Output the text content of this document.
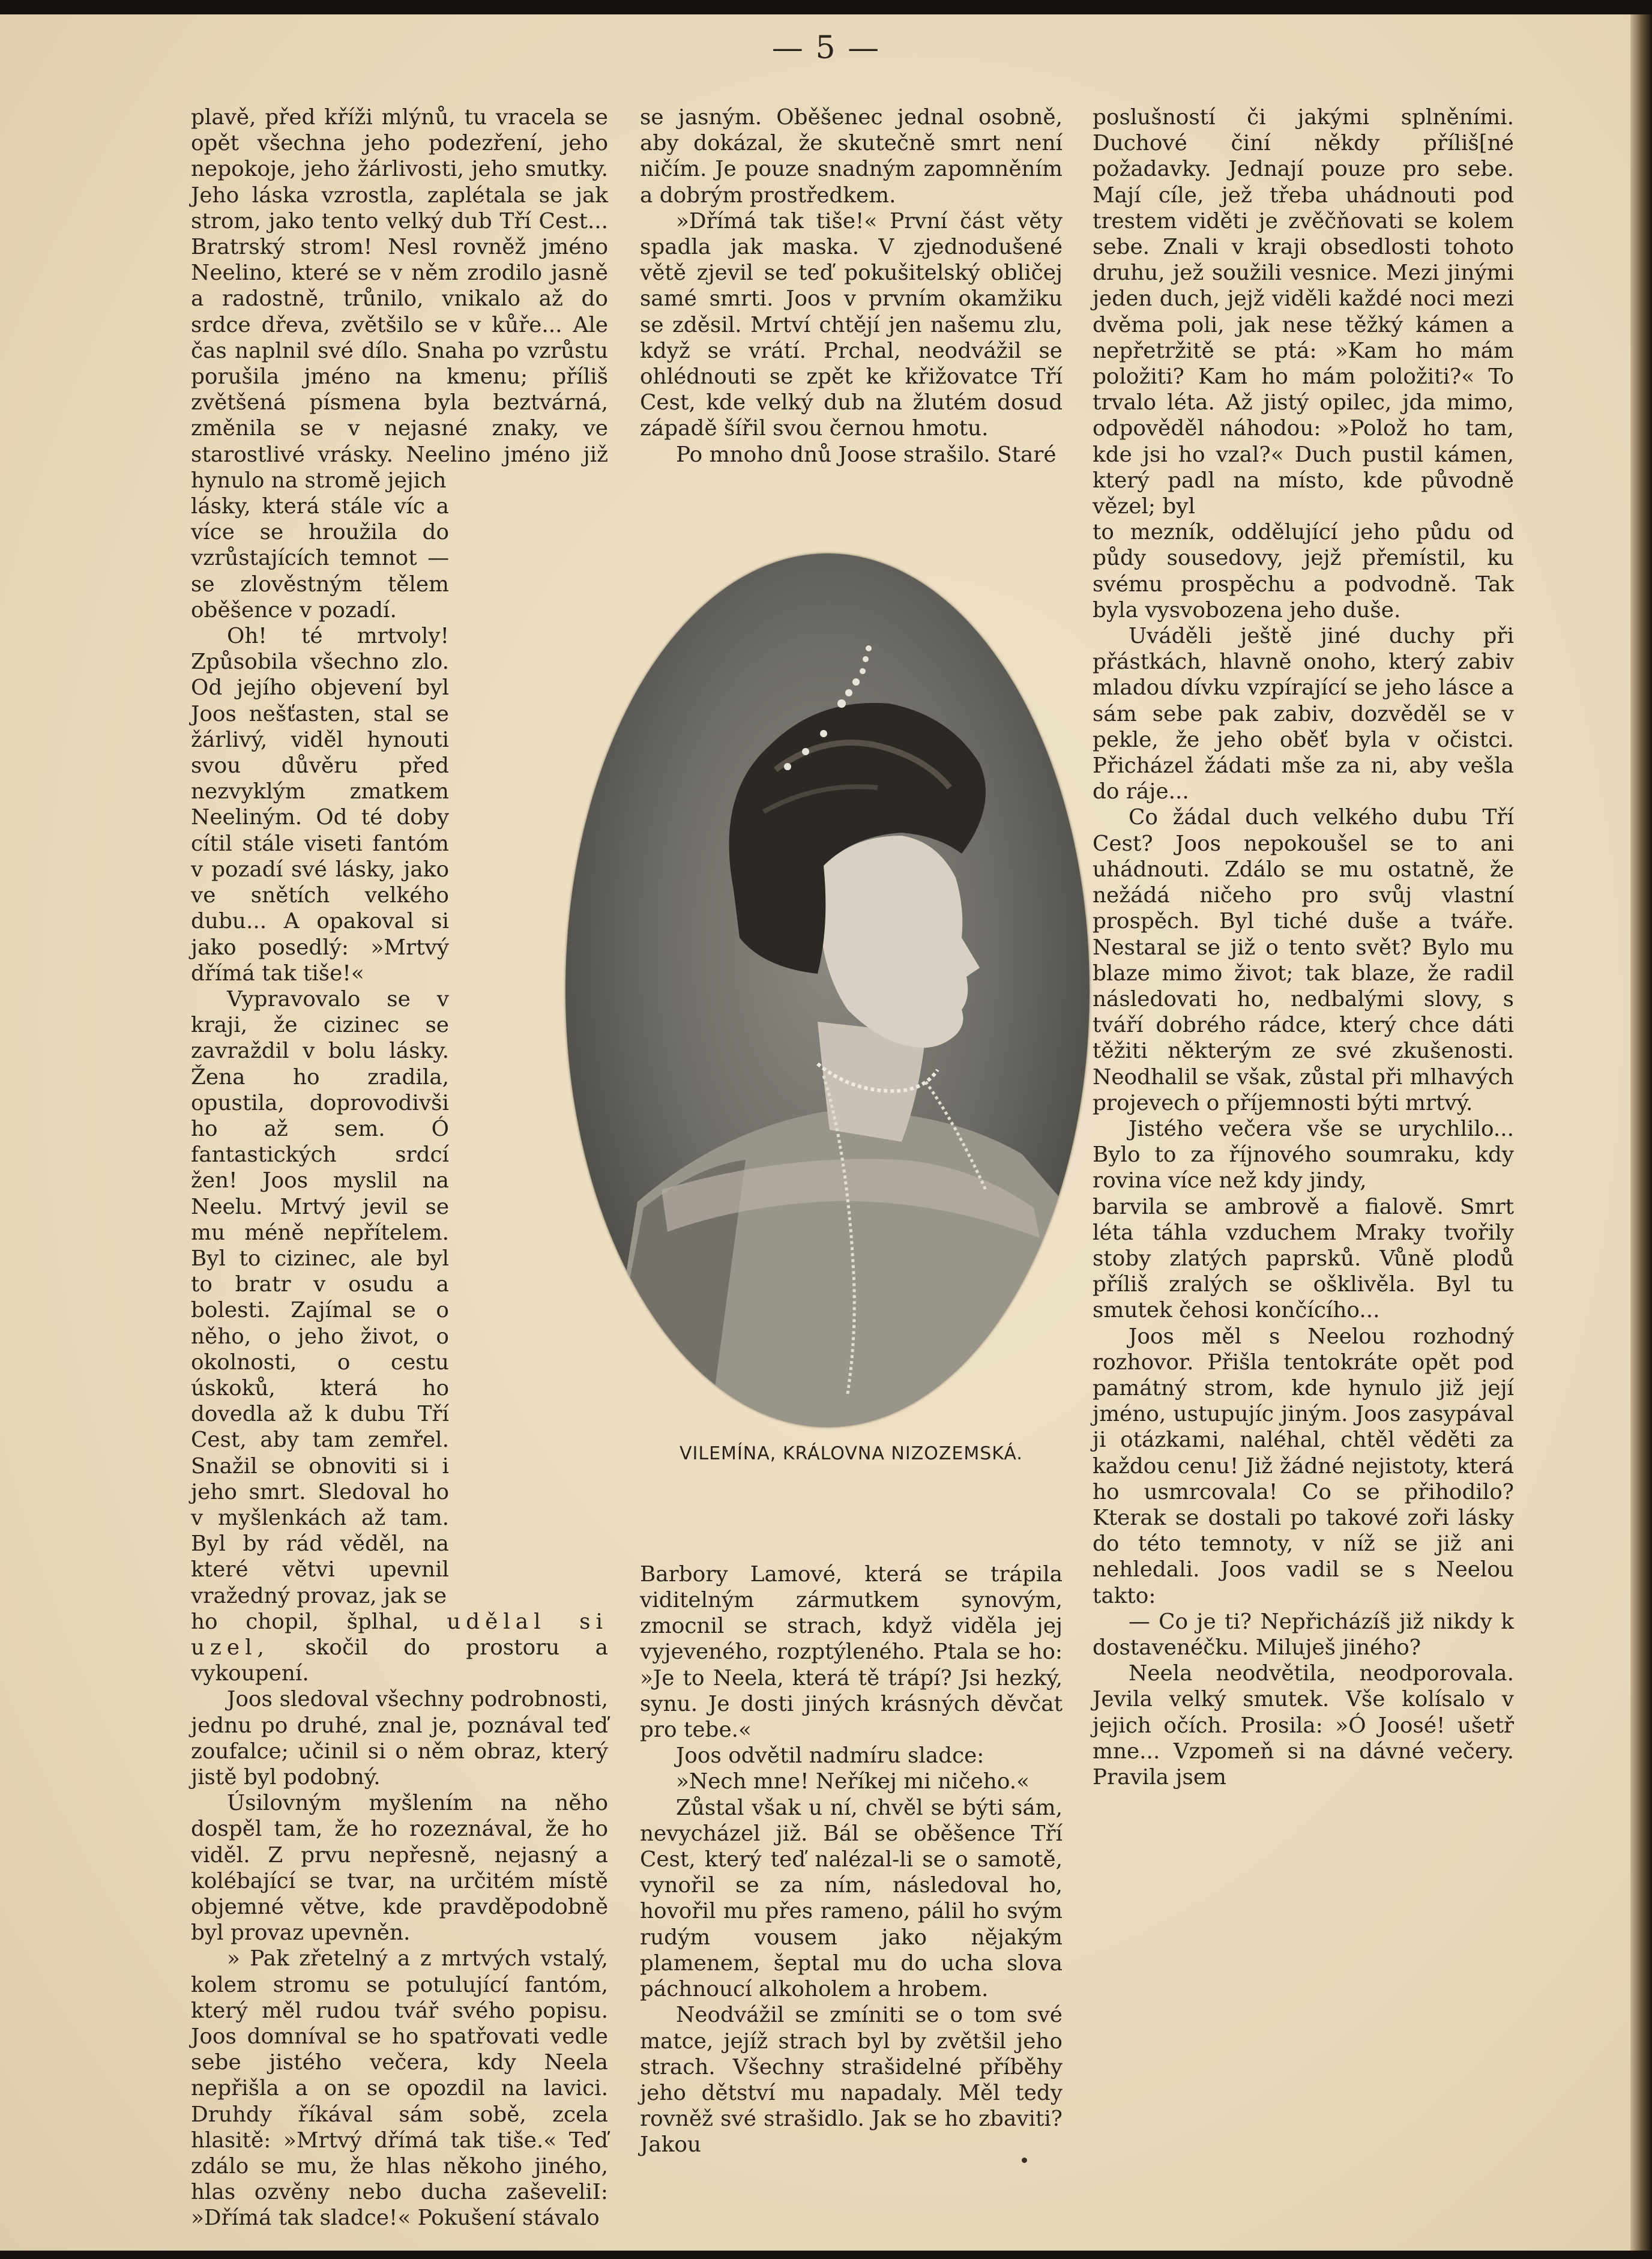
— 5 —

plavě, před kříži mlýnů, tu vracela se opět všechna jeho podezření, jeho nepokoje, jeho žárlivosti, jeho smutky. Jeho láska vzrostla, zaplétala se jak strom, jako tento velký dub Tří Cest... Bratrský strom! Nesl rovněž jméno Neelino, které se v něm zrodilo jasně a radostně, trůnilo, vnikalo až do srdce dřeva, zvětšilo se v kůře... Ale čas naplnil své dílo. Snaha po vzrůstu porušila jméno na kmenu; příliš zvětšená písmena byla beztvárná, změnila se v nejasné znaky, ve starostlivé vrásky. Neelino jméno již hynulo na stromě jejich

lásky, která stále víc a více se hroužila do vzrůstajících temnot — se zlověstným tělem oběšence v pozadí.

Oh! té mrtvoly! Způsobila všechno zlo. Od jejího objevení byl Joos nešťasten, stal se žárlivý, viděl hynouti svou důvěru před nezvyklým zmatkem Neeliným. Od té doby cítil stále viseti fantóm v pozadí své lásky, jako ve snětích velkého dubu... A opakoval si jako posedlý: »Mrtvý dřímá tak tiše!«

Vypravovalo se v kraji, že cizinec se zavraždil v bolu lásky. Žena ho zradila, opustila, doprovodivši ho až sem. Ó fantastických srdcí žen! Joos myslil na Neelu. Mrtvý jevil se mu méně nepřítelem. Byl to cizinec, ale byl to bratr v osudu a bolesti. Zajímal se o něho, o jeho život, o okolnosti, o cestu úskoků, která ho dovedla až k dubu Tří Cest, aby tam zemřel. Snažil se obnoviti si i jeho smrt. Sledoval ho v myšlenkách až tam. Byl by rád věděl, na které větvi upevnil vražedný provaz, jak se

ho chopil, šplhal, udělal si uzel, skočil do prostoru a vykoupení.

Joos sledoval všechny podrobnosti, jednu po druhé, znal je, poznával teď zoufalce; učinil si o něm obraz, který jistě byl podobný.

Úsilovným myšlením na něho dospěl tam, že ho rozeznával, že ho viděl. Z prvu nepřesně, nejasný a kolébající se tvar, na určitém místě objemné větve, kde pravděpodobně byl provaz upevněn.

» Pak zřetelný a z mrtvých vstalý, kolem stromu se potulující fantóm, který měl rudou tvář svého popisu. Joos domníval se ho spatřovati vedle sebe jistého večera, kdy Neela nepřišla a on se opozdil na lavici. Druhdy říkával sám sobě, zcela hlasitě: »Mrtvý dřímá tak tiše.« Teď zdálo se mu, že hlas někoho jiného, hlas ozvěny nebo ducha zaševeliI: »Dřímá tak sladce!« Pokušení stávalo

se jasným. Oběšenec jednal osobně, aby dokázal, že skutečně smrt není ničím. Je pouze snadným zapomněním a dobrým prostředkem.

»Dřímá tak tiše!« První část věty spadla jak maska. V zjednodušené větě zjevil se teď pokušitelský obličej samé smrti. Joos v prvním okamžiku se zděsil. Mrtví chtějí jen našemu zlu, když se vrátí. Prchal, neodvážil se ohlédnouti se zpět ke křižovatce Tří Cest, kde velký dub na žlutém dosud západě šířil svou černou hmotu.

Po mnoho dnů Joose strašilo. Staré

Barbory Lamové, která se trápila viditelným zármutkem synovým, zmocnil se strach, když viděla jej vyjeveného, rozptýleného. Ptala se ho: »Je to Neela, která tě trápí? Jsi hezký, synu. Je dosti jiných krásných děvčat pro tebe.«

Joos odvětil nadmíru sladce:

»Nech mne! Neříkej mi ničeho.«

Zůstal však u ní, chvěl se býti sám, nevycházel již. Bál se oběšence Tří Cest, který teď nalézal-li se o samotě, vynořil se za ním, následoval ho, hovořil mu přes rameno, pálil ho svým rudým vousem jako nějakým plamenem, šeptal mu do ucha slova páchnoucí alkoholem a hrobem.

Neodvážil se zmíniti se o tom své matce, jejíž strach byl by zvětšil jeho strach. Všechny strašidelné příběhy jeho dětství mu napadaly. Měl tedy rovněž své strašidlo. Jak se ho zbaviti? Jakou

poslušností či jakými splněními. Duchové činí někdy příliš[né požadavky. Jednají pouze pro sebe. Mají cíle, jež třeba uhádnouti pod trestem viděti je zvěčňovati se kolem sebe. Znali v kraji obsedlosti tohoto druhu, jež soužili vesnice. Mezi jinými jeden duch, jejž viděli každé noci mezi dvěma poli, jak nese těžký kámen a nepřetržitě se ptá: »Kam ho mám položiti? Kam ho mám položiti?« To trvalo léta. Až jistý opilec, jda mimo, odpověděl náhodou: »Polož ho tam, kde jsi ho vzal?« Duch pustil kámen, který padl na místo, kde původně vězel; byl

to mezník, oddělující jeho půdu od půdy sousedovy, jejž přemístil, ku svému prospěchu a podvodně. Tak byla vysvobozena jeho duše.

Uváděli ještě jiné duchy při přástkách, hlavně onoho, který zabiv mladou dívku vzpírající se jeho lásce a sám sebe pak zabiv, dozvěděl se v pekle, že jeho oběť byla v očistci. Přicházel žádati mše za ni, aby vešla do ráje...

Co žádal duch velkého dubu Tří Cest? Joos nepokoušel se to ani uhádnouti. Zdálo se mu ostatně, že nežádá ničeho pro svůj vlastní prospěch. Byl tiché duše a tváře. Nestaral se již o tento svět? Bylo mu blaze mimo život; tak blaze, že radil následovati ho, nedbalými slovy, s tváří dobrého rádce, který chce dáti těžiti některým ze své zkušenosti. Neodhalil se však, zůstal při mlhavých projevech o příjemnosti býti mrtvý.

Jistého večera vše se urychlilo... Bylo to za říjnového soumraku, kdy rovina více než kdy jindy,

barvila se ambrově a fialově. Smrt léta táhla vzduchem Mraky tvořily stoby zlatých paprsků. Vůně plodů příliš zralých se ošklivěla. Byl tu smutek čehosi končícího...

Joos měl s Neelou rozhodný rozhovor. Přišla tentokráte opět pod památný strom, kde hynulo již její jméno, ustupujíc jiným. Joos zasypával ji otázkami, naléhal, chtěl věděti za každou cenu! Již žádné nejistoty, která ho usmrcovala! Co se přihodilo? Kterak se dostali po takové zoři lásky do této temnoty, v níž se již ani nehledali. Joos vadil se s Neelou takto:

— Co je ti? Nepřicházíš již nikdy k dostavenéčku. Miluješ jiného?

Neela neodvětila, neodporovala. Jevila velký smutek. Vše kolísalo v jejich očích. Prosila: »Ó Joosé! ušetř mne... Vzpomeň si na dávné večery. Pravila jsem

VILEMÍNA, KRÁLOVNA NIZOZEMSKÁ.
